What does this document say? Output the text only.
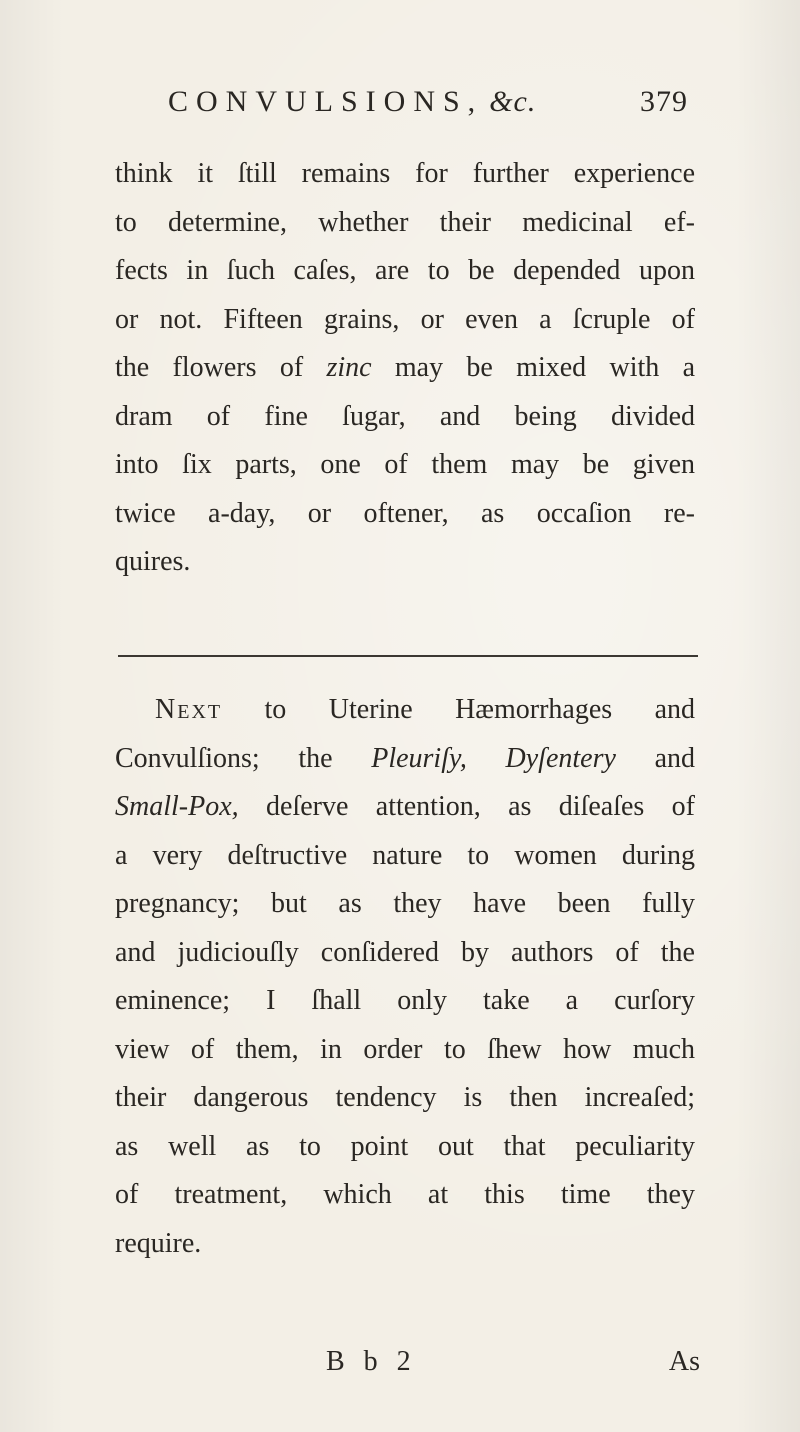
CONVULSIONS, &c.	379
think it ſtill remains for further experience
to determine, whether their medicinal ef-
fects in ſuch caſes, are to be depended upon
or not. Fifteen grains, or even a ſcruple of
the flowers of zinc may be mixed with a
dram of fine ſugar, and being divided
into ſix parts, one of them may be given
twice a-day, or oftener, as occaſion re-
quires.
Next to Uterine Hæmorrhages and
Convulſions; the Pleuriſy, Dyſentery and
Small-Pox, deſerve attention, as diſeaſes of
a very deſtructive nature to women during
pregnancy; but as they have been fully
and judiciouſly conſidered by authors of the
eminence; I ſhall only take a curſory
view of them, in order to ſhew how much
their dangerous tendency is then increaſed;
as well as to point out that peculiarity
of treatment, which at this time they
require.
B b 2	As
